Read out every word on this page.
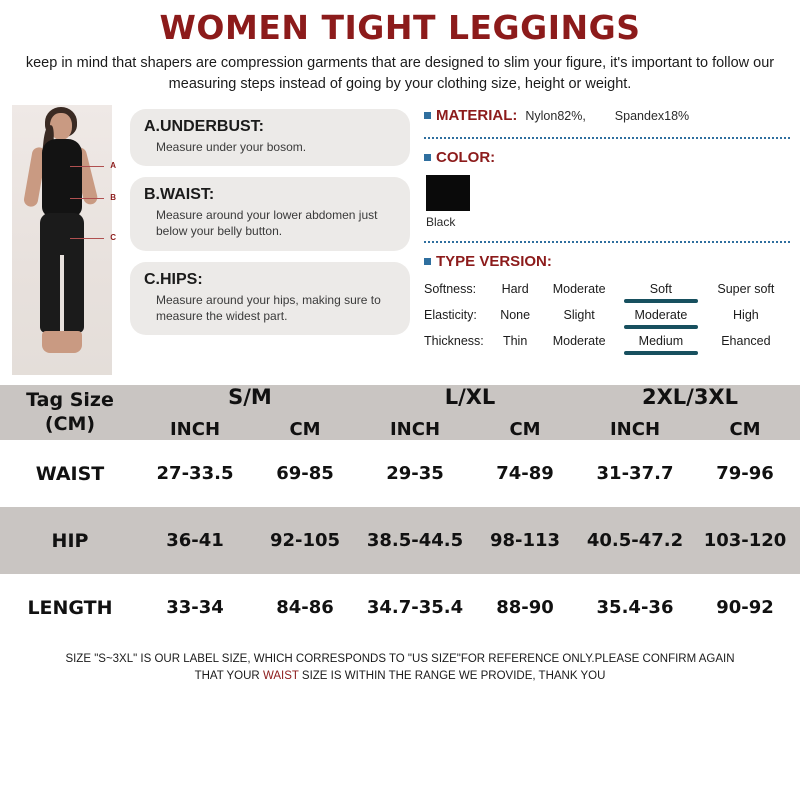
WOMEN TIGHT LEGGINGS
keep in mind that shapers are compression garments that are designed to slim your figure, it's important to follow our measuring steps instead of going by your clothing size, height or weight.
A
B
C
A.UNDERBUST:

Measure under your bosom.

B.WAIST:

Measure around your lower abdomen just below your belly button.

C.HIPS:

Measure around your hips, making sure to measure the widest part.

MATERIAL: Nylon82%, Spandex18%
COLOR:
Black
TYPE VERSION:
Softness:	Hard	Moderate	Soft	Super soft
Elasticity:	None	Slight	Moderate	High
Thickness:	Thin	Moderate	Medium	Ehanced
Tag Size
(CM)	S/M		L/XL		2XL/3XL	
	INCH	CM	INCH	CM	INCH	CM
WAIST	27-33.5	69-85	29-35	74-89	31-37.7	79-96
HIP	36-41	92-105	38.5-44.5	98-113	40.5-47.2	103-120
LENGTH	33-34	84-86	34.7-35.4	88-90	35.4-36	90-92
SIZE "S~3XL" IS OUR LABEL SIZE, WHICH CORRESPONDS TO "US SIZE"FOR REFERENCE ONLY.PLEASE CONFIRM AGAIN
THAT YOUR WAIST SIZE IS WITHIN THE RANGE WE PROVIDE, THANK YOU
